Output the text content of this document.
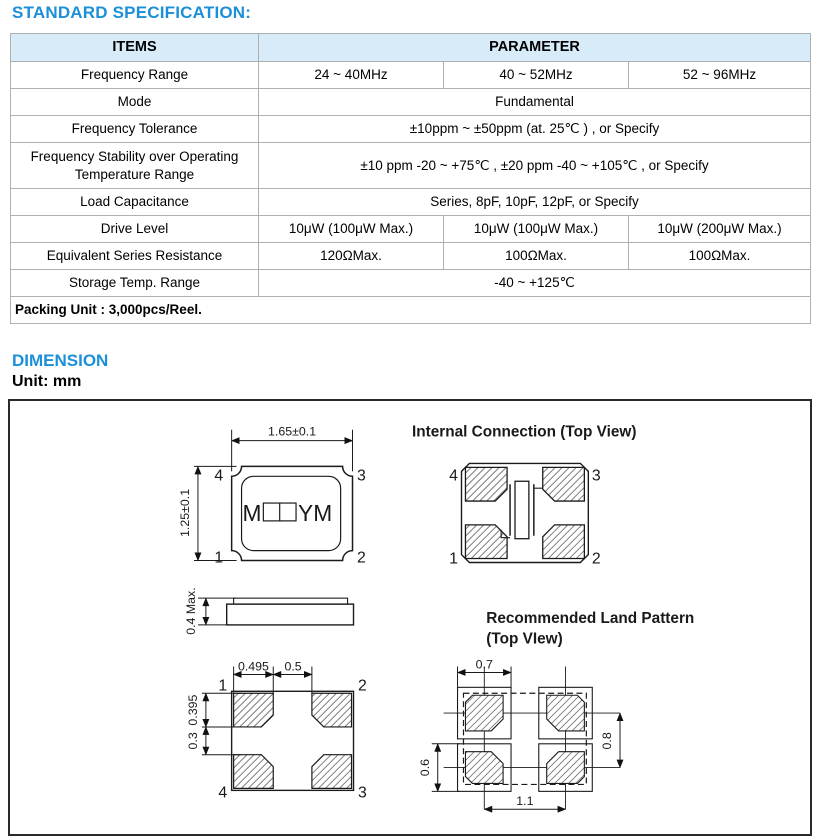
STANDARD SPECIFICATION:
ITEMS	PARAMETER		
Frequency Range	24 ~ 40MHz	40 ~ 52MHz	52 ~ 96MHz
Mode	Fundamental		
Frequency Tolerance	±10ppm ~ ±50ppm (at. 25℃ ) , or Specify		
Frequency Stability over Operating Temperature Range	±10 ppm -20 ~ +75℃ , ±20 ppm -40 ~ +105℃ , or Specify		
Load Capacitance	Series, 8pF, 10pF, 12pF, or Specify		
Drive Level	10μW (100μW Max.)	10μW (100μW Max.)	10μW (200μW Max.)
Equivalent Series Resistance	120ΩMax.	100ΩMax.	100ΩMax.
Storage Temp. Range	-40 ~ +125℃		
Packing Unit : 3,000pcs/Reel.			
DIMENSION
Unit: mm
M YM
1.65±0.1
1.25±0.1
4	3
1	2
Internal Connection (Top View)
4	3
1	2
0.4 Max.
0.495 0.5
0.395
0.3
1	2
4	3
Recommended Land Pattern
(Top VIew)
0.7
0.6
0.8
1.1
